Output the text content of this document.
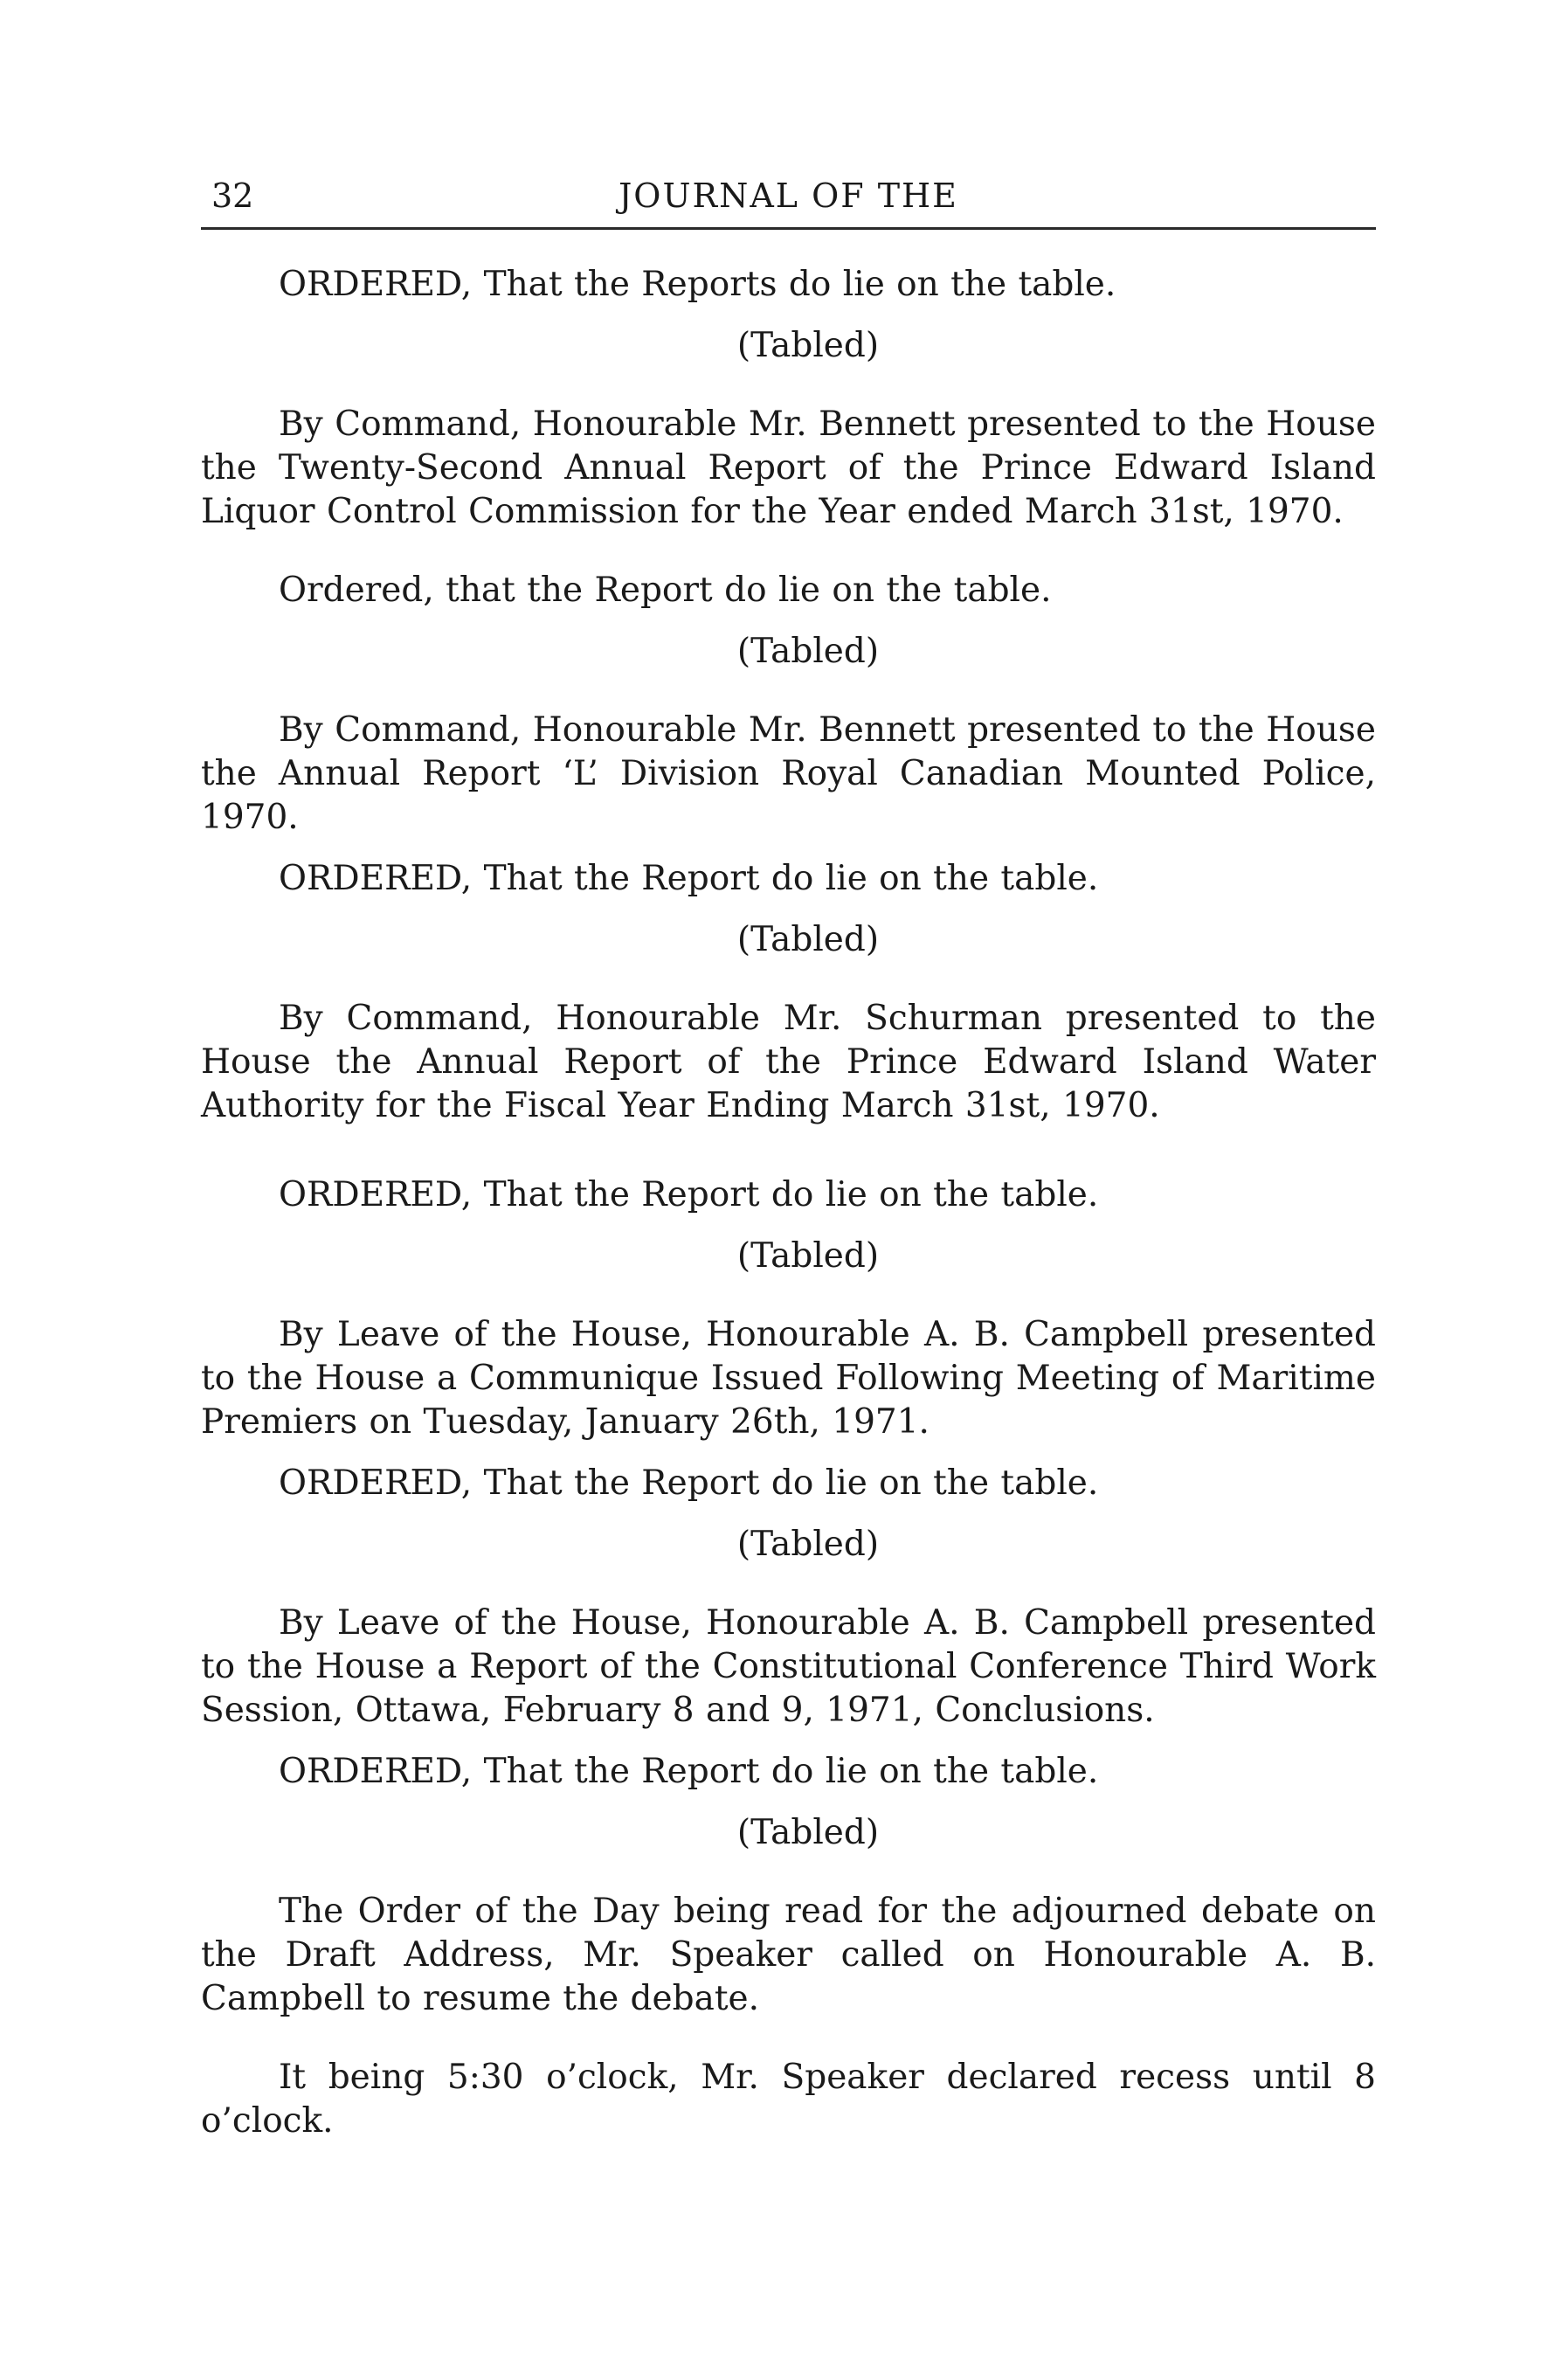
32	JOURNAL OF THE

ORDERED, That the Reports do lie on the table.

(Tabled)

By Command, Honourable Mr. Bennett presented to the House the Twenty-Second Annual Report of the Prince Edward Island Liquor Control Commission for the Year ended March 31st, 1970.

Ordered, that the Report do lie on the table.

(Tabled)

By Command, Honourable Mr. Bennett presented to the House the Annual Report ‘L’ Division Royal Canadian Mounted Police, 1970.

ORDERED, That the Report do lie on the table.

(Tabled)

By Command, Honourable Mr. Schurman presented to the House the Annual Report of the Prince Edward Island Water Authority for the Fiscal Year Ending March 31st, 1970.

ORDERED, That the Report do lie on the table.

(Tabled)

By Leave of the House, Honourable A. B. Campbell presented to the House a Communique Issued Following Meeting of Maritime Premiers on Tuesday, January 26th, 1971.

ORDERED, That the Report do lie on the table.

(Tabled)

By Leave of the House, Honourable A. B. Campbell presented to the House a Report of the Constitutional Conference Third Work Session, Ottawa, February 8 and 9, 1971, Conclusions.

ORDERED, That the Report do lie on the table.

(Tabled)

The Order of the Day being read for the adjourned debate on the Draft Address, Mr. Speaker called on Honourable A. B. Campbell to resume the debate.

It being 5:30 o’clock, Mr. Speaker declared recess until 8 o’clock.
